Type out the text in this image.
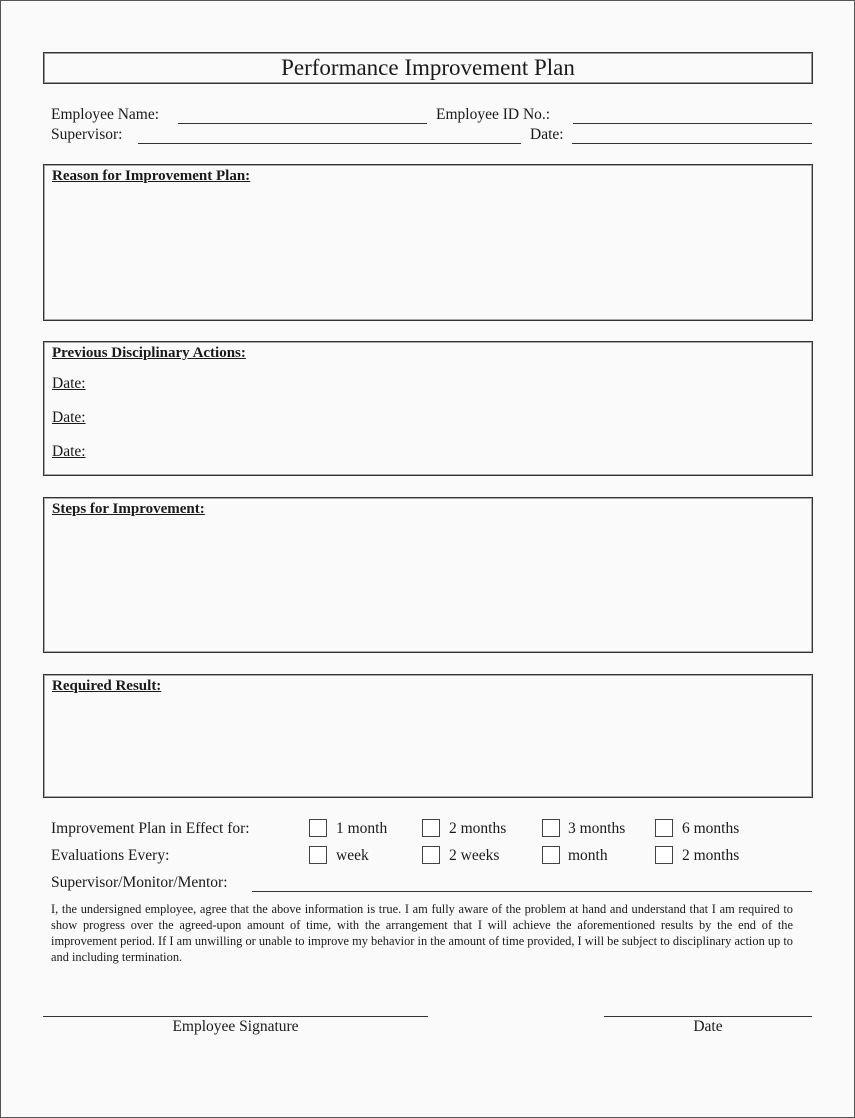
Performance Improvement Plan
Employee Name:	Employee ID No.:
Supervisor:	Date:
Reason for Improvement Plan:
Previous Disciplinary Actions:
Date:
Date:
Date:
Steps for Improvement:
Required Result:
Improvement Plan in Effect for:	1 month	2 months	3 months	6 months
Evaluations Every:	week	2 weeks	month	2 months
Supervisor/Monitor/Mentor:
I, the undersigned employee, agree that the above information is true. I am fully aware of the problem at hand and understand that I am required to show progress over the agreed-upon amount of time, with the arrangement that I will achieve the aforementioned results by the end of the improvement period. If I am unwilling or unable to improve my behavior in the amount of time provided, I will be subject to disciplinary action up to and including termination.
Employee Signature	Date
